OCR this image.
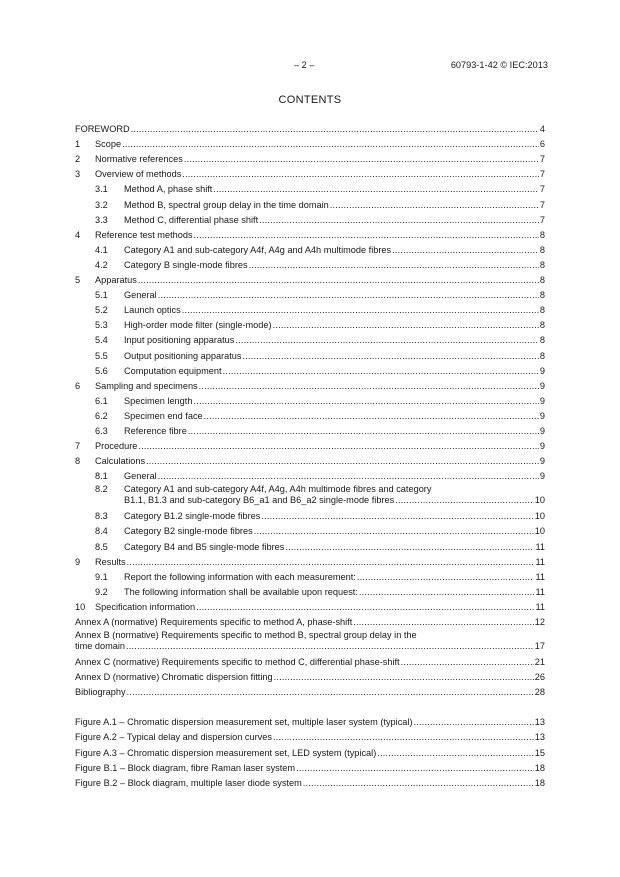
– 2 –	60793-1-42 © IEC:2013
CONTENTS
FOREWORD .....	4
1	Scope .....	6
2	Normative references .....	7
3	Overview of methods .....	7
3.1	Method A, phase shift .....	7
3.2	Method B, spectral group delay in the time domain .....	7
3.3	Method C, differential phase shift .....	7
4	Reference test methods .....	8
4.1	Category A1 and sub-category A4f, A4g and A4h multimode fibres .....	8
4.2	Category B single-mode fibres .....	8
5	Apparatus .....	8
5.1	General .....	8
5.2	Launch optics .....	8
5.3	High-order mode filter (single-mode) .....	8
5.4	Input positioning apparatus .....	8
5.5	Output positioning apparatus .....	8
5.6	Computation equipment .....	9
6	Sampling and specimens .....	9
6.1	Specimen length .....	9
6.2	Specimen end face .....	9
6.3	Reference fibre .....	9
7	Procedure .....	9
8	Calculations .....	9
8.1	General .....	9
8.2	Category A1 and sub-category A4f, A4g, A4h multimode fibres and category
B1.1, B1.3 and sub-category B6_a1 and B6_a2 single-mode fibres .....	10
8.3	Category B1.2 single-mode fibres .....	10
8.4	Category B2 single-mode fibres .....	10
8.5	Category B4 and B5 single-mode fibres .....	11
9	Results .....	11
9.1	Report the following information with each measurement: .....	11
9.2	The following information shall be available upon request: .....	11
10	Specification information .....	11
Annex A (normative) Requirements specific to method A, phase-shift .....	12
Annex B (normative) Requirements specific to method B, spectral group delay in the
time domain .....	17
Annex C (normative) Requirements specific to method C, differential phase-shift .....	21
Annex D (normative) Chromatic dispersion fitting .....	26
Bibliography .....	28
Figure A.1 – Chromatic dispersion measurement set, multiple laser system (typical) .....	13
Figure A.2 – Typical delay and dispersion curves .....	13
Figure A.3 – Chromatic dispersion measurement set, LED system (typical) .....	15
Figure B.1 – Block diagram, fibre Raman laser system .....	18
Figure B.2 – Block diagram, multiple laser diode system .....	18
